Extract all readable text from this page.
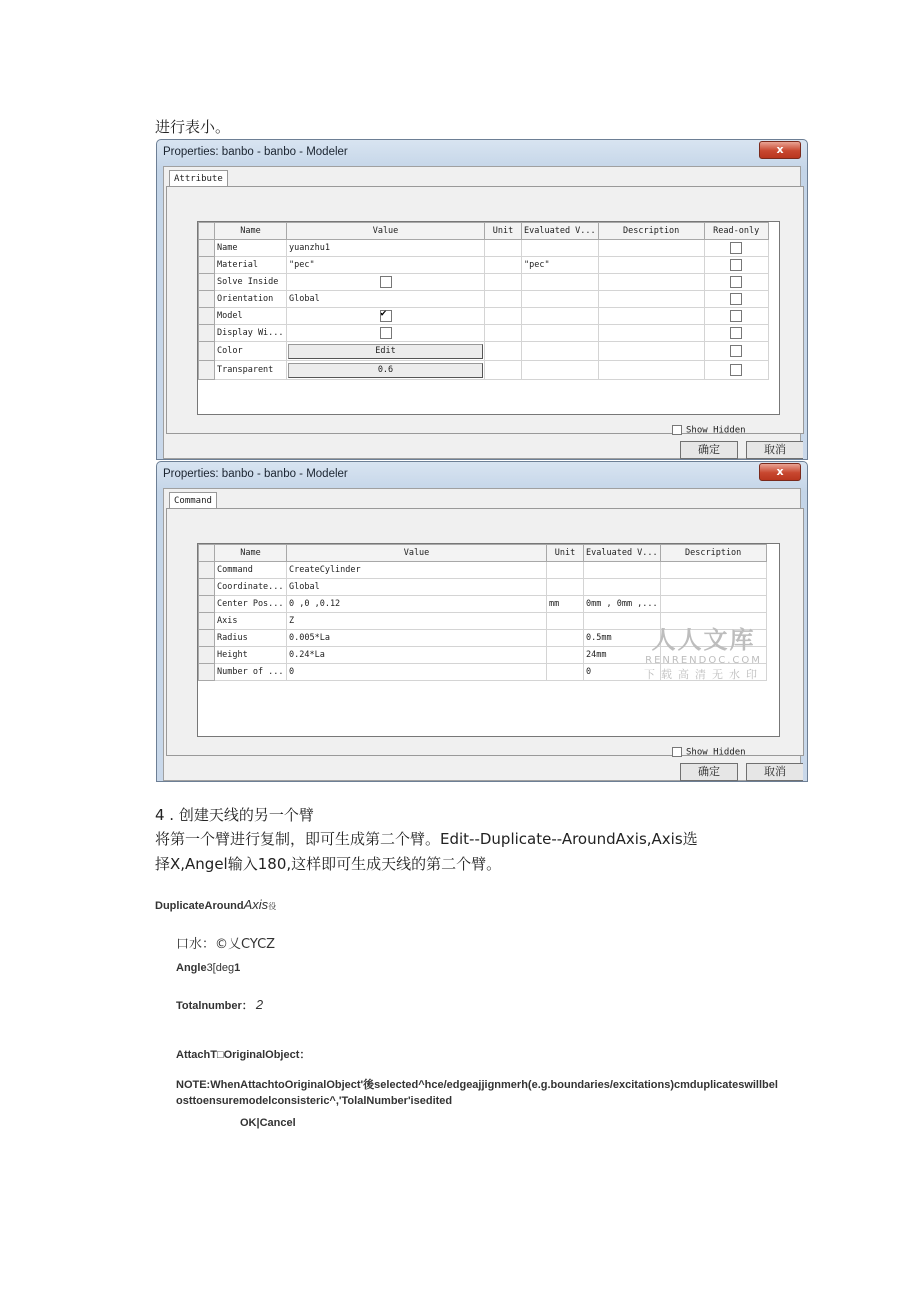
进行表小。
Properties: banbo - banbo - Modeler	x
Attribute
	Name	Value	Unit	Evaluated V...	Description	Read-only
	Name	yuanzhu1				
	Material	"pec"		"pec"		
	Solve Inside					
	Orientation	Global				
	Model	✔				
	Display Wi...					
	Color	Edit				

	Transparent	0.6				

Show Hidden
确定	取消
Properties: banbo - banbo - Modeler	x
Command
	Name	Value	Unit	Evaluated V...	Description
	Command	CreateCylinder			
	Coordinate...	Global			
	Center Pos...	0 ,0 ,0.12	mm	0mm , 0mm ,...	
	Axis	Z			
	Radius	0.005*La		0.5mm	
	Height	0.24*La		24mm	
	Number of ...	0		0	
Show Hidden
确定	取消
人人文库
RENRENDOC.COM
下载高清无水印
4 . 创建天线的另一个臂
将第一个臂进行复制，即可生成第二个臂。Edit--Duplicate--AroundAxis,Axis选
择X,Angel输入180,这样即可生成天线的第二个臂。
DuplicateAroundAxis役
口水：©乂CYCZ
Angle3[deg1
Totalnumber： 2
AttachT□OriginalObject：
NOTE:WhenAttachtoOriginalObject'後selected^hce/edgeajjignmerh(e.g.boundaries/excitations)cmduplicateswillbel
osttoensuremodelconsisteric^,'TolalNumber'isedited
OK|Cancel
